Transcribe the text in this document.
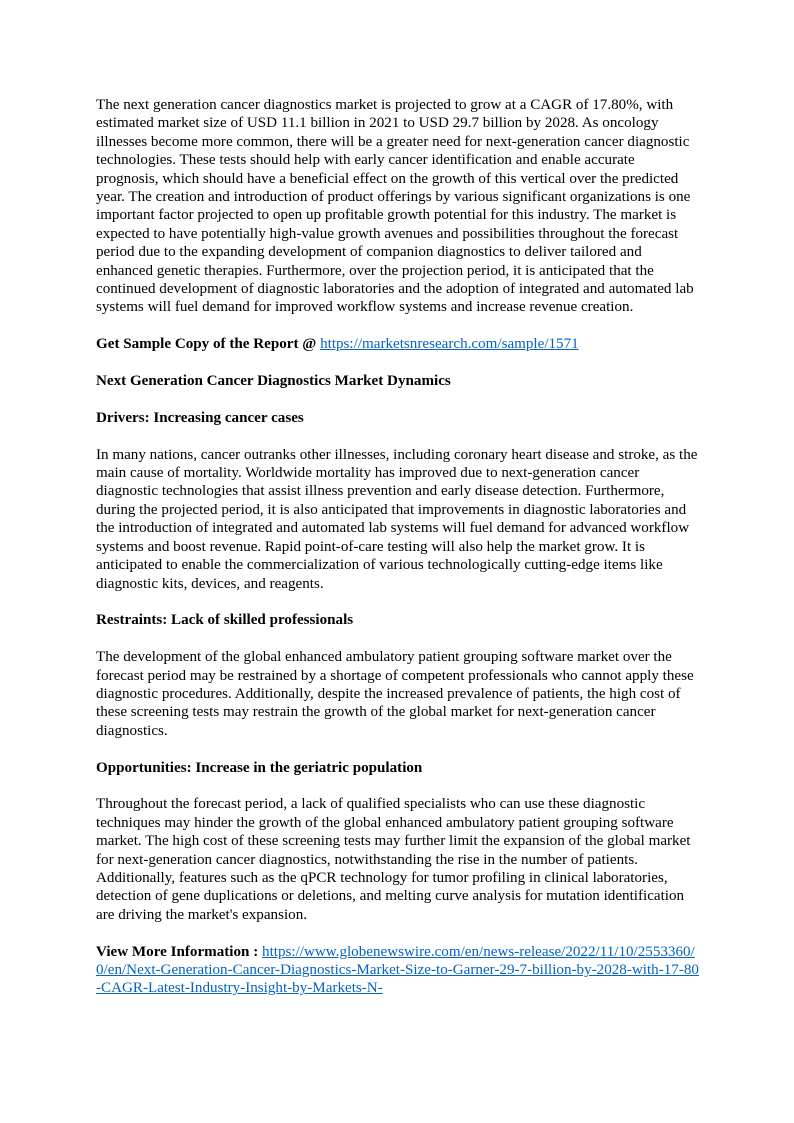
The next generation cancer diagnostics market is projected to grow at a CAGR of 17.80%, with estimated market size of USD 11.1 billion in 2021 to USD 29.7 billion by 2028. As oncology illnesses become more common, there will be a greater need for next-generation cancer diagnostic technologies. These tests should help with early cancer identification and enable accurate prognosis, which should have a beneficial effect on the growth of this vertical over the predicted year. The creation and introduction of product offerings by various significant organizations is one important factor projected to open up profitable growth potential for this industry. The market is expected to have potentially high-value growth avenues and possibilities throughout the forecast period due to the expanding development of companion diagnostics to deliver tailored and enhanced genetic therapies. Furthermore, over the projection period, it is anticipated that the continued development of diagnostic laboratories and the adoption of integrated and automated lab systems will fuel demand for improved workflow systems and increase revenue creation.

Get Sample Copy of the Report @ https://marketsnresearch.com/sample/1571

Next Generation Cancer Diagnostics Market Dynamics

Drivers: Increasing cancer cases

In many nations, cancer outranks other illnesses, including coronary heart disease and stroke, as the main cause of mortality. Worldwide mortality has improved due to next-generation cancer diagnostic technologies that assist illness prevention and early disease detection. Furthermore, during the projected period, it is also anticipated that improvements in diagnostic laboratories and the introduction of integrated and automated lab systems will fuel demand for advanced workflow systems and boost revenue. Rapid point-of-care testing will also help the market grow. It is anticipated to enable the commercialization of various technologically cutting-edge items like diagnostic kits, devices, and reagents.

Restraints: Lack of skilled professionals

The development of the global enhanced ambulatory patient grouping software market over the forecast period may be restrained by a shortage of competent professionals who cannot apply these diagnostic procedures. Additionally, despite the increased prevalence of patients, the high cost of these screening tests may restrain the growth of the global market for next-generation cancer diagnostics.

Opportunities: Increase in the geriatric population

Throughout the forecast period, a lack of qualified specialists who can use these diagnostic techniques may hinder the growth of the global enhanced ambulatory patient grouping software market. The high cost of these screening tests may further limit the expansion of the global market for next-generation cancer diagnostics, notwithstanding the rise in the number of patients. Additionally, features such as the qPCR technology for tumor profiling in clinical laboratories, detection of gene duplications or deletions, and melting curve analysis for mutation identification are driving the market's expansion.

View More Information : https://www.globenewswire.com/en/news-release/2022/11/10/2553360/0/en/Next-Generation-Cancer-Diagnostics-Market-Size-to-Garner-29-7-billion-by-2028-with-17-80-CAGR-Latest-Industry-Insight-by-Markets-N-
